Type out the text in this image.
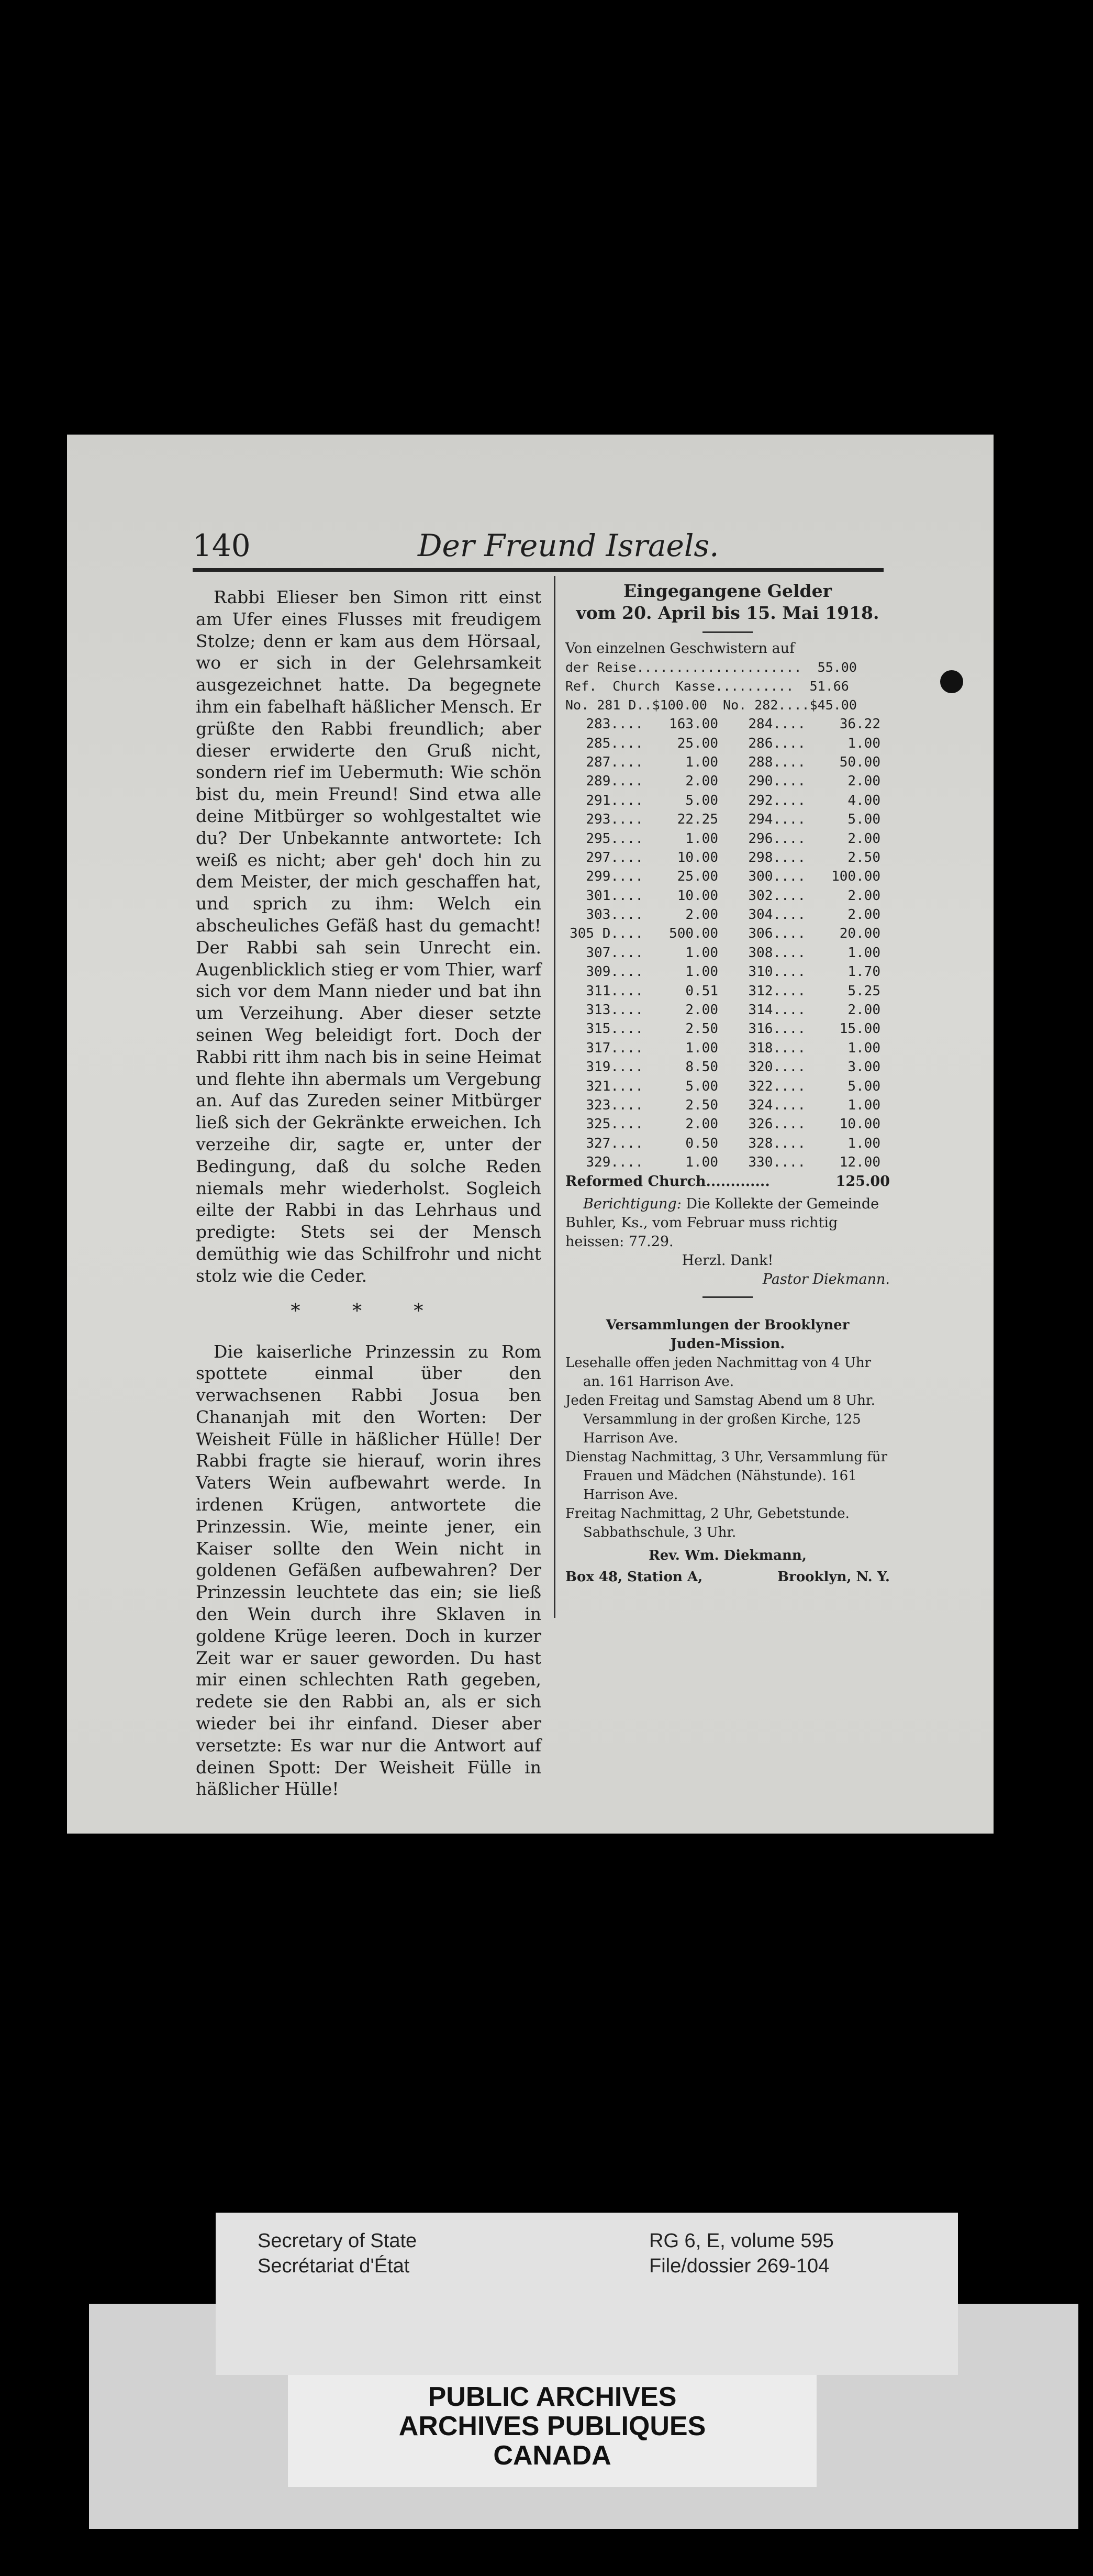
140	Der Freund Israels.

Rabbi Elieser ben Simon ritt einst am Ufer eines Flusses mit freudigem Stolze; denn er kam aus dem Hörsaal, wo er sich in der Gelehrsamkeit ausgezeichnet hatte. Da begegnete ihm ein fabelhaft häßlicher Mensch. Er grüßte den Rabbi freundlich; aber dieser erwiderte den Gruß nicht, sondern rief im Uebermuth: Wie schön bist du, mein Freund! Sind etwa alle deine Mitbürger so wohlgestaltet wie du? Der Unbekannte antwortete: Ich weiß es nicht; aber geh' doch hin zu dem Meister, der mich geschaffen hat, und sprich zu ihm: Welch ein abscheuliches Gefäß hast du gemacht! Der Rabbi sah sein Unrecht ein. Augenblicklich stieg er vom Thier, warf sich vor dem Mann nieder und bat ihn um Verzeihung. Aber dieser setzte seinen Weg beleidigt fort. Doch der Rabbi ritt ihm nach bis in seine Heimat und flehte ihn abermals um Vergebung an. Auf das Zureden seiner Mitbürger ließ sich der Gekränkte erweichen. Ich verzeihe dir, sagte er, unter der Bedingung, daß du solche Reden niemals mehr wiederholst. Sogleich eilte der Rabbi in das Lehrhaus und predigte: Stets sei der Mensch demüthig wie das Schilfrohr und nicht stolz wie die Ceder.

* * *

Die kaiserliche Prinzessin zu Rom spottete einmal über den verwachsenen Rabbi Josua ben Chananjah mit den Worten: Der Weisheit Fülle in häßlicher Hülle! Der Rabbi fragte sie hierauf, worin ihres Vaters Wein aufbewahrt werde. In irdenen Krügen, antwortete die Prinzessin. Wie, meinte jener, ein Kaiser sollte den Wein nicht in goldenen Gefäßen aufbewahren? Der Prinzessin leuchtete das ein; sie ließ den Wein durch ihre Sklaven in goldene Krüge leeren. Doch in kurzer Zeit war er sauer geworden. Du hast mir einen schlechten Rath gegeben, redete sie den Rabbi an, als er sich wieder bei ihr einfand. Dieser aber versetzte: Es war nur die Antwort auf deinen Spott: Der Weisheit Fülle in häßlicher Hülle!

Eingegangene Gelder
vom 20. April bis 15. Mai 1918.
Von einzelnen Geschwistern auf
der Reise.....................  55.00
Ref.  Church  Kasse..........  51.66
No. 281 D..$100.00  No. 282....$45.00
283	....	163.00	284	....	36.22
285	....	25.00	286	....	1.00
287	....	1.00	288	....	50.00
289	....	2.00	290	....	2.00
291	....	5.00	292	....	4.00
293	....	22.25	294	....	5.00
295	....	1.00	296	....	2.00
297	....	10.00	298	....	2.50
299	....	25.00	300	....	100.00
301	....	10.00	302	....	2.00
303	....	2.00	304	....	2.00
305 D	....	500.00	306	....	20.00
307	....	1.00	308	....	1.00
309	....	1.00	310	....	1.70
311	....	0.51	312	....	5.25
313	....	2.00	314	....	2.00
315	....	2.50	316	....	15.00
317	....	1.00	318	....	1.00
319	....	8.50	320	....	3.00
321	....	5.00	322	....	5.00
323	....	2.50	324	....	1.00
325	....	2.00	326	....	10.00
327	....	0.50	328	....	1.00
329	....	1.00	330	....	12.00
Reformed Church.............	125.00
Berichtigung: Die Kollekte der Gemeinde Buhler, Ks., vom Februar muss richtig heissen: 77.29.
Herzl. Dank!
Pastor Diekmann.
Versammlungen der Brooklyner
Juden-Mission.
Lesehalle offen jeden Nachmittag von 4 Uhr an. 161 Harrison Ave.
Jeden Freitag und Samstag Abend um 8 Uhr. Versammlung in der großen Kirche, 125 Harrison Ave.
Dienstag Nachmittag, 3 Uhr, Versammlung für Frauen und Mädchen (Nähstunde). 161 Harrison Ave.
Freitag Nachmittag, 2 Uhr, Gebetstunde. Sabbathschule, 3 Uhr.
Rev. Wm. Diekmann,
Box 48, Station A,	Brooklyn, N. Y.
Secretary of State
Secrétariat d'État
RG 6, E, volume 595
File/dossier 269-104
PUBLIC ARCHIVES
ARCHIVES PUBLIQUES
CANADA
